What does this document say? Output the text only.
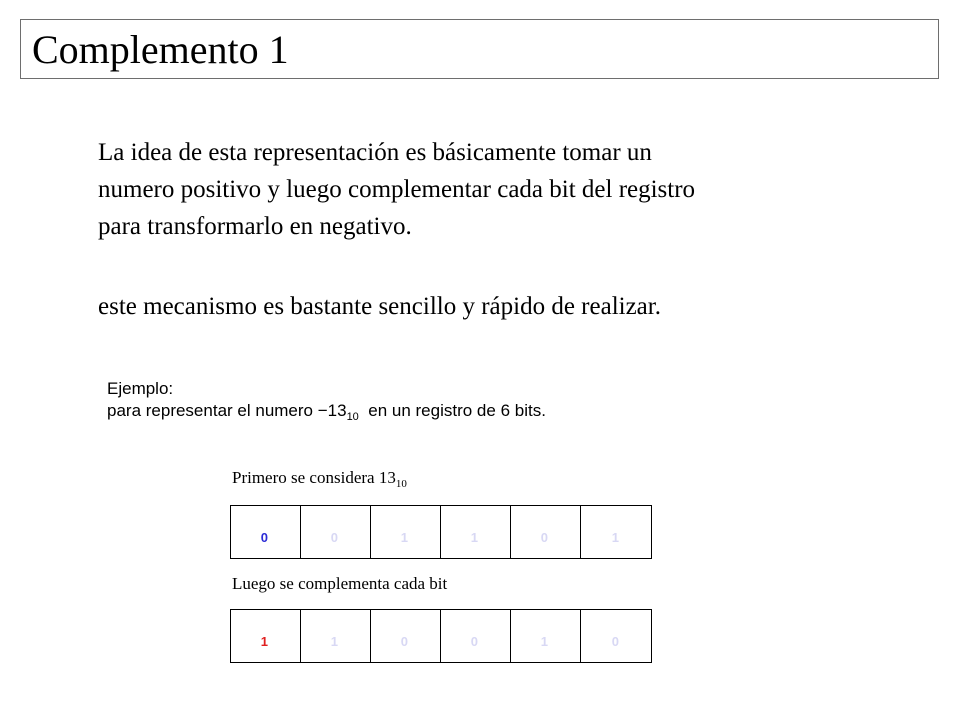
Complemento 1
La idea de esta representación es básicamente tomar un
numero positivo y luego complementar cada bit del registro
para transformarlo en negativo.
este mecanismo es bastante sencillo y rápido de realizar.
Ejemplo:
para representar el numero $-13_{10}$  en un registro de 6 bits.
Primero se considera $13_{10}$
0	0	1	1	0	1
Luego se complementa cada bit
1	1	0	0	1	0
